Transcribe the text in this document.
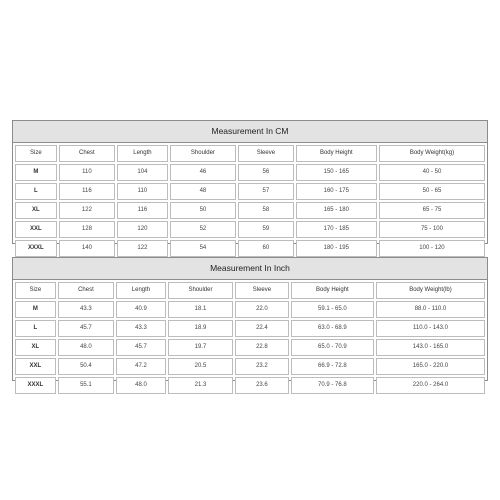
Measurement In CM
Size	Chest	Length	Shoulder	Sleeve	Body Height	Body Weight(kg)
M	110	104	46	56	150 - 165	40 - 50
L	116	110	48	57	160 - 175	50 - 65
XL	122	116	50	58	165 - 180	65 - 75
XXL	128	120	52	59	170 - 185	75 - 100
XXXL	140	122	54	60	180 - 195	100 - 120
Measurement In Inch
Size	Chest	Length	Shoulder	Sleeve	Body Height	Body Weight(lb)
M	43.3	40.9	18.1	22.0	59.1 - 65.0	88.0 - 110.0
L	45.7	43.3	18.9	22.4	63.0 - 68.9	110.0 - 143.0
XL	48.0	45.7	19.7	22.8	65.0 - 70.9	143.0 - 165.0
XXL	50.4	47.2	20.5	23.2	66.9 - 72.8	165.0 - 220.0
XXXL	55.1	48.0	21.3	23.6	70.9 - 76.8	220.0 - 264.0
